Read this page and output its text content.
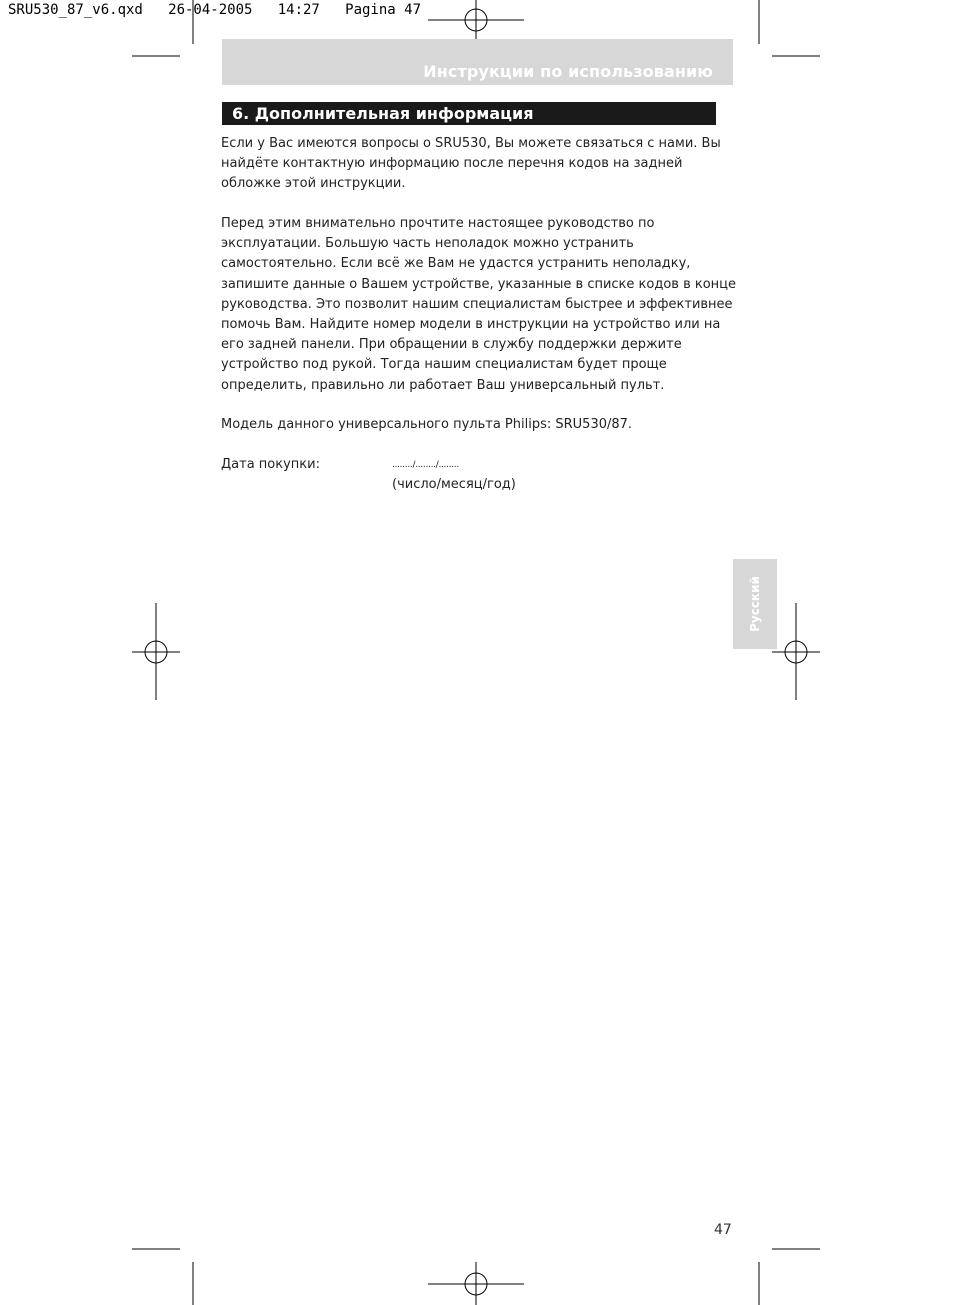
SRU530_87_v6.qxd   26-04-2005   14:27   Pagina 47
Инструкции по использованию
6. Дополнительная информация
Если у Вас имеются вопросы о SRU530, Вы можете связаться с нами. Вы
найдёте контактную информацию после перечня кодов на задней
обложке этой инструкции.
Перед этим внимательно прочтите настоящее руководство по
эксплуатации. Большую часть неполадок можно устранить
самостоятельно. Если всё же Вам не удастся устранить неполадку,
запишите данные о Вашем устройстве, указанные в списке кодов в конце
руководства. Это позволит нашим специалистам быстрее и эффективнее
помочь Вам. Найдите номер модели в инструкции на устройство или на
его задней панели. При обращении в службу поддержки держите
устройство под рукой. Тогда нашим специалистам будет проще
определить, правильно ли работает Ваш универсальный пульт.
Модель данного универсального пульта Philips: SRU530/87.
Дата покупки:	......../......../........
(число/месяц/год)
Русский
47
